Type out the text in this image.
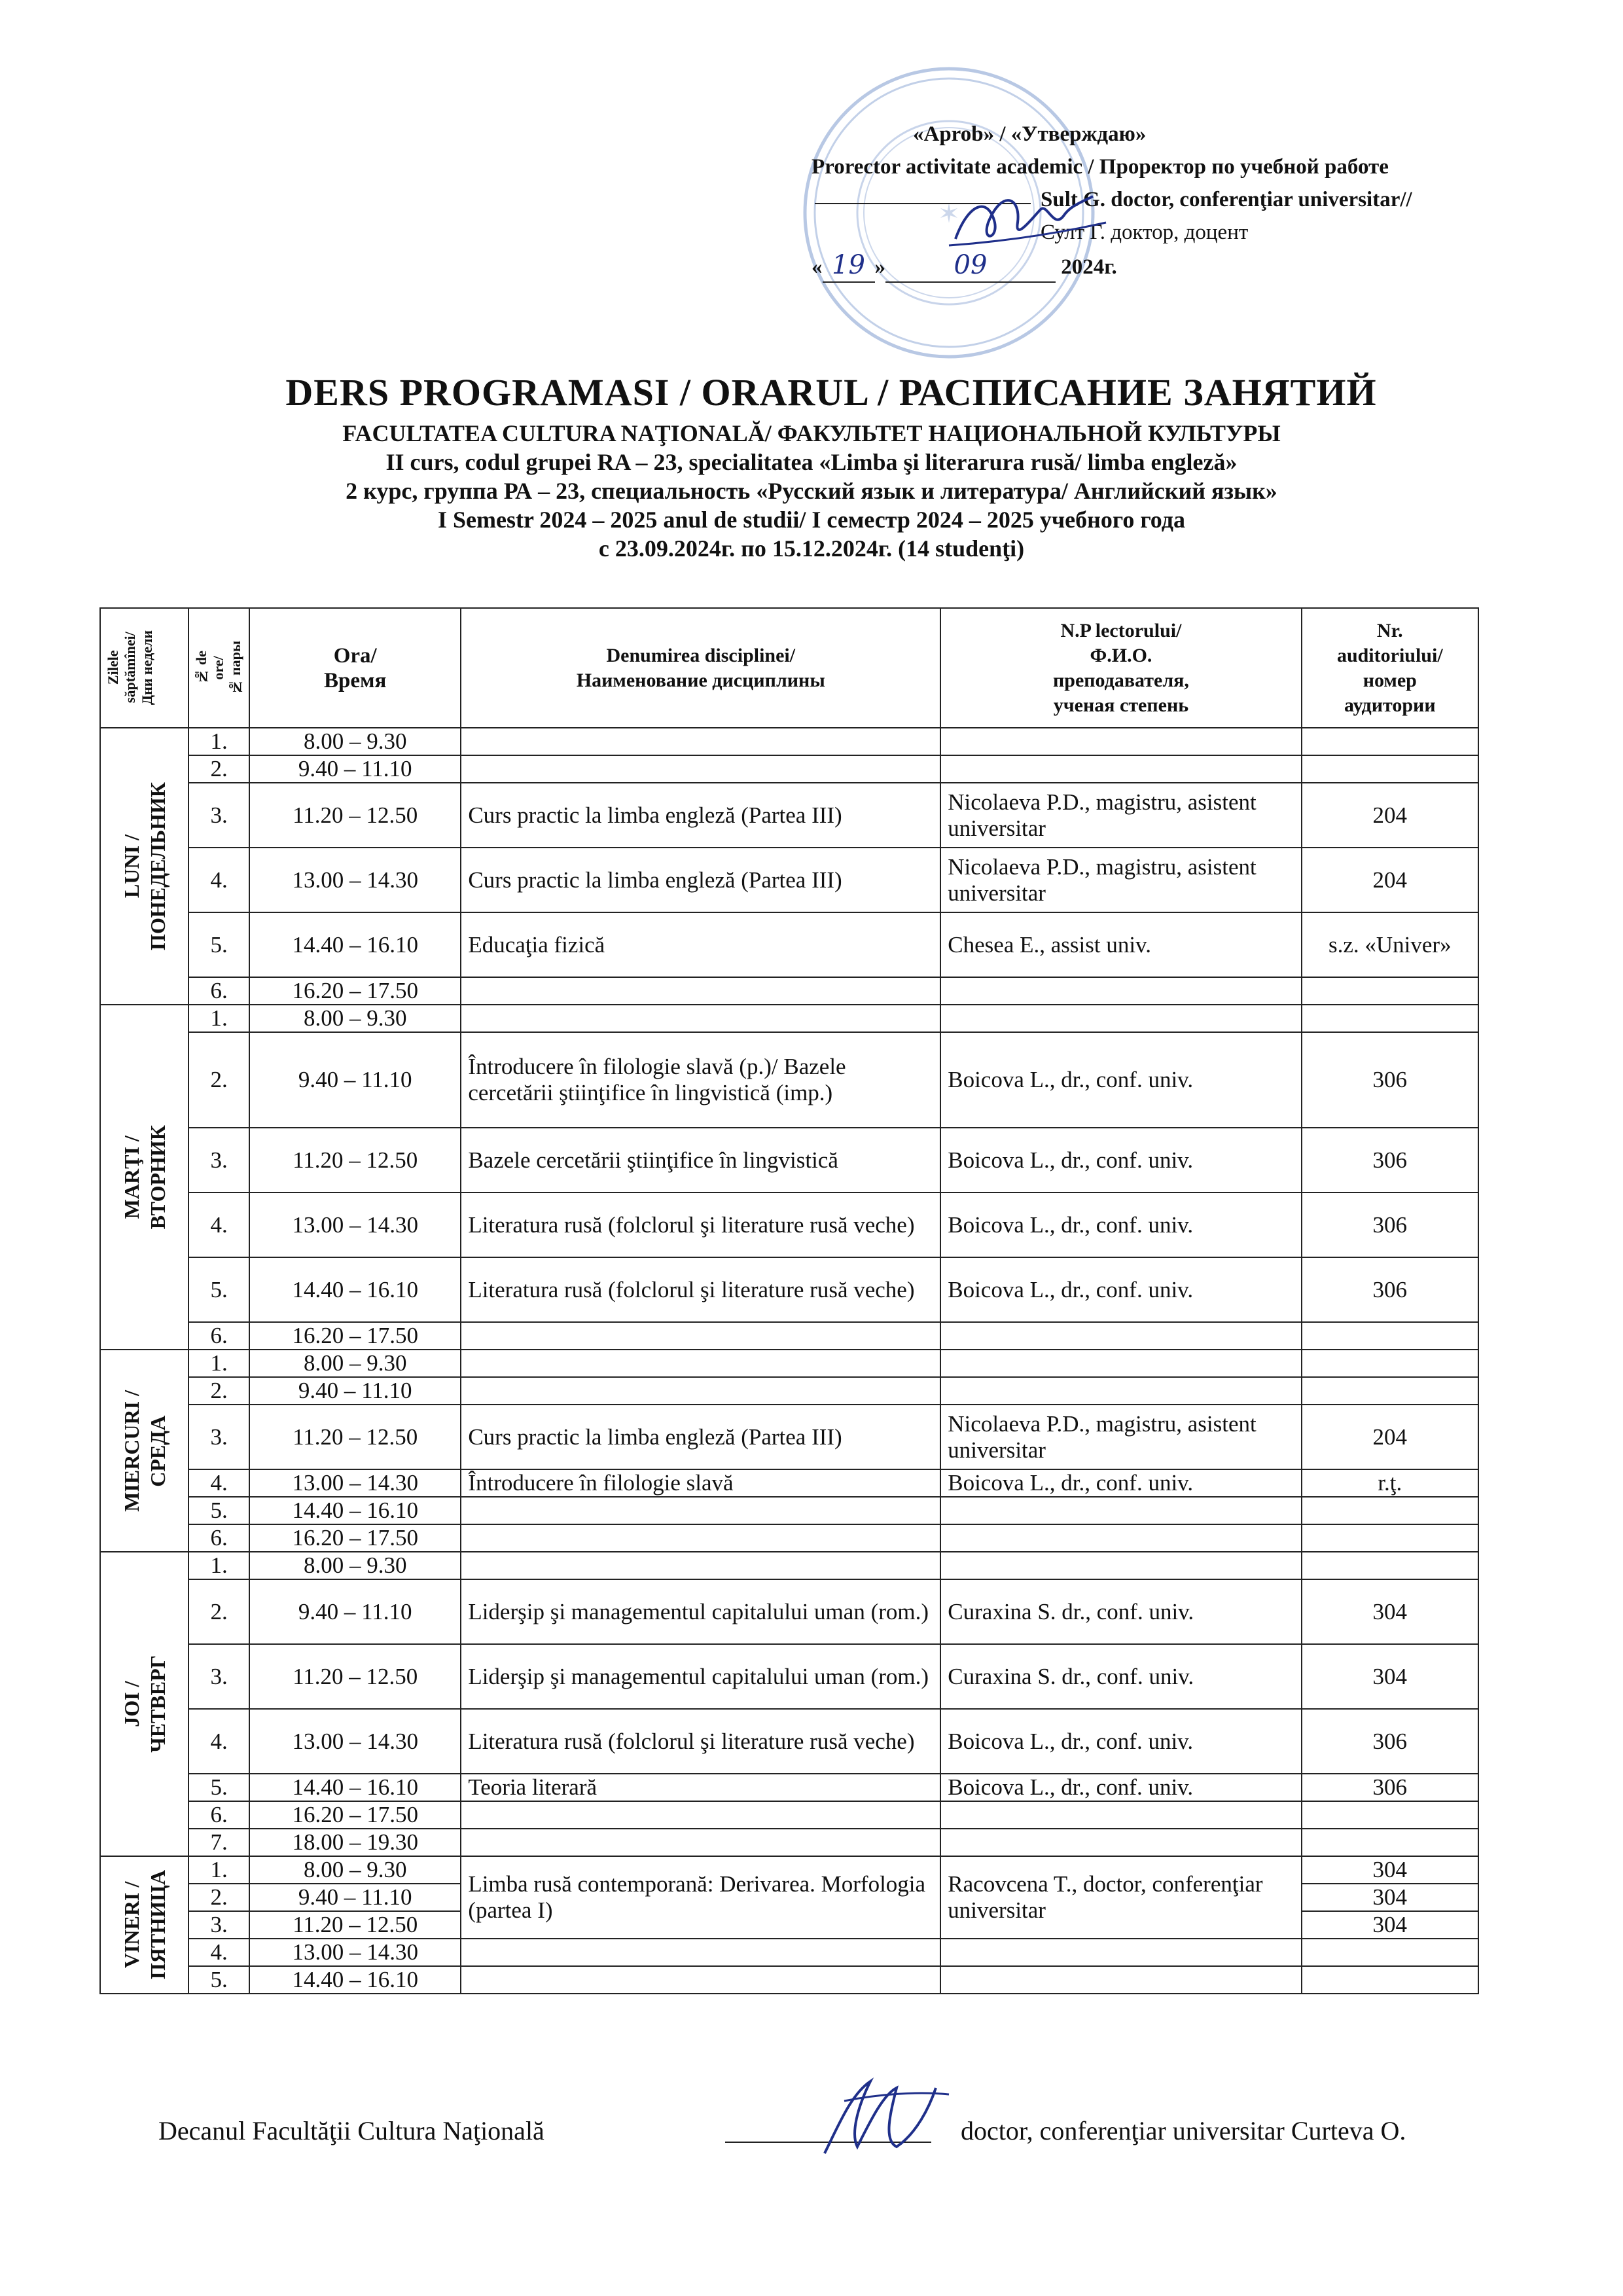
✶
«Aprob» / «Утверждаю»
Prorector activitate academic / Проректор по учебной работе
Sult G. doctor, conferenţiar universitar//
Султ Г. доктор, доцент
« 19 »	09	2024г.
DERS PROGRAMASI / ORARUL / РАСПИСАНИЕ ЗАНЯТИЙ
FACULTATEA CULTURA NAŢIONALĂ/ ФАКУЛЬТЕТ НАЦИОНАЛЬНОЙ КУЛЬТУРЫ
II curs, codul grupei RA – 23, specialitatea «Limba şi literarura rusă/ limba engleză»
2 курс, группа РА – 23, специальность «Русский язык и литература/ Английский язык»
I Semestr 2024 – 2025 anul de studii/ I семестр 2024 – 2025 учебного года
с 23.09.2024г. по 15.12.2024г. (14 studenţi)
Zilele
săptămînei/
Дни недели	№ de
ore/
№ пары	Ora/
Время	Denumirea disciplinei/
Наименование дисциплины	N.P lectorului/
Ф.И.О.
преподавателя,
ученая степень	Nr.
auditoriului/
номер
аудитории

LUNI /
ПОНЕДЕЛЬНИК	1.	8.00 – 9.30			
	2.	9.40 – 11.10			
	3.	11.20 – 12.50	Curs practic la limba engleză (Partea III)	Nicolaeva P.D., magistru, asistent universitar	204
	4.	13.00 – 14.30	Curs practic la limba engleză (Partea III)	Nicolaeva P.D., magistru, asistent universitar	204
	5.	14.40 – 16.10	Educaţia fizică	Chesea E., assist univ.	s.z. «Univer»
	6.	16.20 – 17.50			

MARŢI /
ВТОРНИК	1.	8.00 – 9.30			
	2.	9.40 – 11.10	Întroducere în filologie slavă (p.)/ Bazele cercetării ştiinţifice în lingvistică (imp.)	Boicova L., dr., conf. univ.	306
	3.	11.20 – 12.50	Bazele cercetării ştiinţifice în lingvistică	Boicova L., dr., conf. univ.	306
	4.	13.00 – 14.30	Literatura rusă (folclorul şi literature rusă veche)	Boicova L., dr., conf. univ.	306
	5.	14.40 – 16.10	Literatura rusă (folclorul şi literature rusă veche)	Boicova L., dr., conf. univ.	306
	6.	16.20 – 17.50			

MIERCURI /
СРЕДА	1.	8.00 – 9.30			
	2.	9.40 – 11.10			
	3.	11.20 – 12.50	Curs practic la limba engleză (Partea III)	Nicolaeva P.D., magistru, asistent universitar	204
	4.	13.00 – 14.30	Întroducere în filologie slavă	Boicova L., dr., conf. univ.	r.ţ.
	5.	14.40 – 16.10			
	6.	16.20 – 17.50			

JOI /
ЧЕТВЕРГ	1.	8.00 – 9.30			
	2.	9.40 – 11.10	Liderşip şi managementul capitalului uman (rom.)	Curaxina S. dr., conf. univ.	304
	3.	11.20 – 12.50	Liderşip şi managementul capitalului uman (rom.)	Curaxina S. dr., conf. univ.	304
	4.	13.00 – 14.30	Literatura rusă (folclorul şi literature rusă veche)	Boicova L., dr., conf. univ.	306
	5.	14.40 – 16.10	Teoria literară	Boicova L., dr., conf. univ.	306
	6.	16.20 – 17.50			
	7.	18.00 – 19.30			

VINERI /
ПЯТНИЦА	1.	8.00 – 9.30	Limba rusă contemporană: Derivarea. Morfologia (partea I)	Racovcena T., doctor, conferenţiar universitar	304
	2.	9.40 – 11.10			304
	3.	11.20 – 12.50			304
	4.	13.00 – 14.30			
	5.	14.40 – 16.10			
Decanul Facultăţii Cultura Naţională	doctor, conferenţiar universitar Curteva O.
